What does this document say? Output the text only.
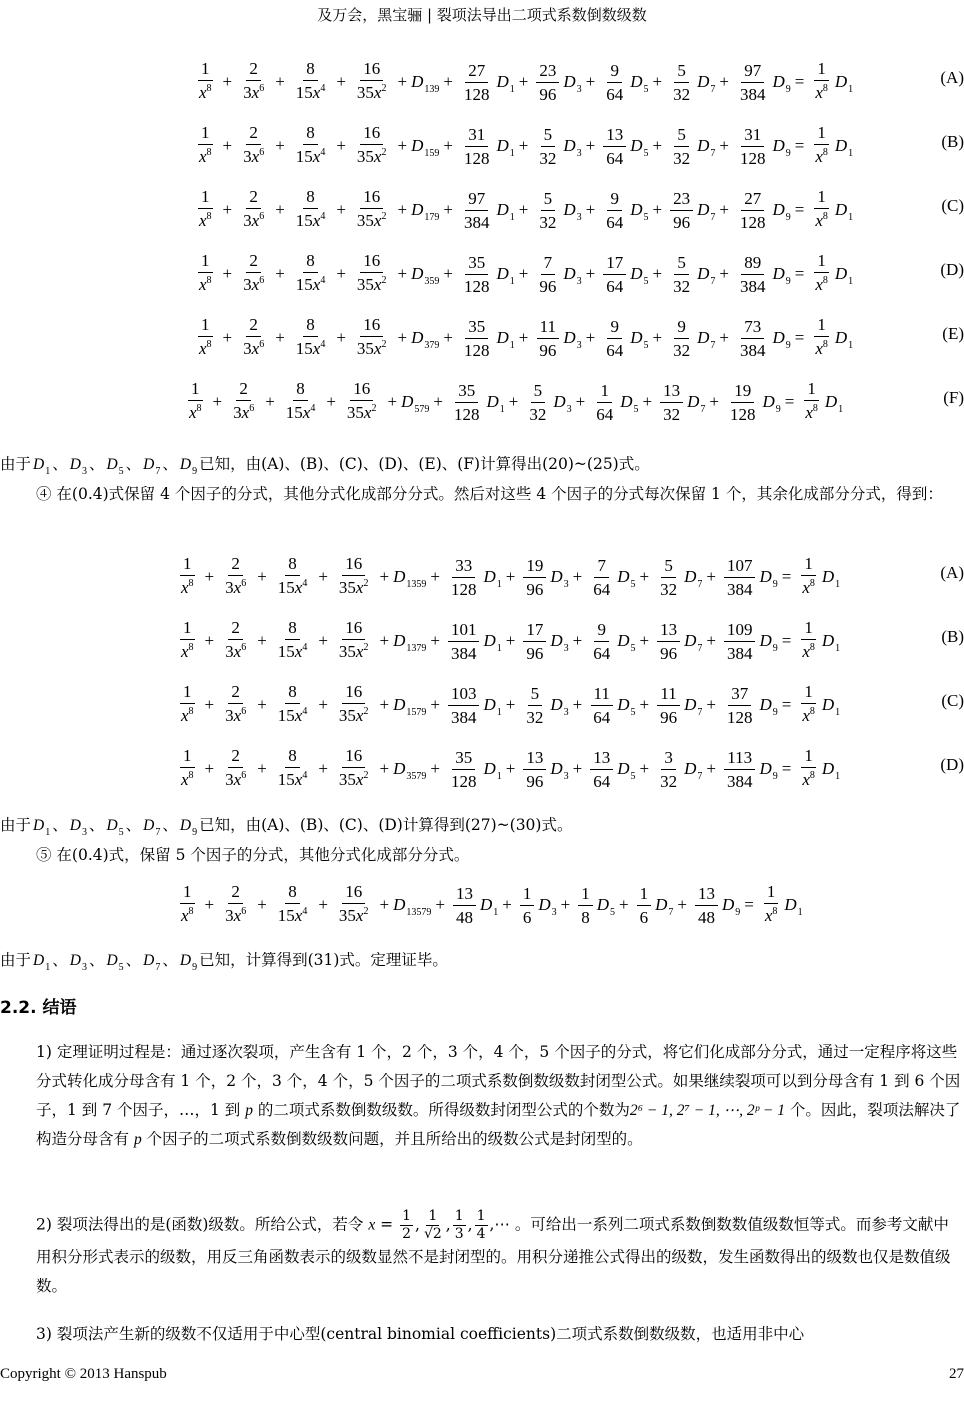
及万会，黑宝骊 | 裂项法导出二项式系数倒数级数
$\frac{1}{x^8} + \frac{2}{3x^6} + \frac{8}{15x^4} + \frac{16}{35x^2} + D$ $139 + \frac{27}{128}$ D $1 + \frac{23}{96}$ D $3 + \frac{9}{64}$ D $5 + \frac{5}{32}$ D $7 + \frac{97}{384}$ D $9 = \frac{1}{x^8}$ D 1
(A)
$\frac{1}{x^8} + \frac{2}{3x^6} + \frac{8}{15x^4} + \frac{16}{35x^2} + D$ $159 + \frac{31}{128}$ D $1 + \frac{5}{32}$ D $3 + \frac{13}{64}$ D $5 + \frac{5}{32}$ D $7 + \frac{31}{128}$ D $9 = \frac{1}{x^8}$ D 1
(B)
$\frac{1}{x^8} + \frac{2}{3x^6} + \frac{8}{15x^4} + \frac{16}{35x^2} + D$ $179 + \frac{97}{384}$ D $1 + \frac{5}{32}$ D $3 + \frac{9}{64}$ D $5 + \frac{23}{96}$ D $7 + \frac{27}{128}$ D $9 = \frac{1}{x^8}$ D 1
(C)
$\frac{1}{x^8} + \frac{2}{3x^6} + \frac{8}{15x^4} + \frac{16}{35x^2} + D$ $359 + \frac{35}{128}$ D $1 + \frac{7}{96}$ D $3 + \frac{17}{64}$ D $5 + \frac{5}{32}$ D $7 + \frac{89}{384}$ D $9 = \frac{1}{x^8}$ D 1
(D)
$\frac{1}{x^8} + \frac{2}{3x^6} + \frac{8}{15x^4} + \frac{16}{35x^2} + D$ $379 + \frac{35}{128}$ D $1 + \frac{11}{96}$ D $3 + \frac{9}{64}$ D $5 + \frac{9}{32}$ D $7 + \frac{73}{384}$ D $9 = \frac{1}{x^8}$ D 1
(E)
$\frac{1}{x^8} + \frac{2}{3x^6} + \frac{8}{15x^4} + \frac{16}{35x^2} + D$ $579 + \frac{35}{128}$ D $1 + \frac{5}{32}$ D $3 + \frac{1}{64}$ D $5 + \frac{13}{32}$ D $7 + \frac{19}{128}$ D $9 = \frac{1}{x^8}$ D 1
(F)
由于 D 1 、 D 3 、 D 5 、 D 7 、 D 9 已知，由(A)、(B)、(C)、(D)、(E)、(F)计算得出(20)~(25)式。
④ 在(0.4)式保留 4 个因子的分式，其他分式化成部分分式。然后对这些 4 个因子的分式每次保留 1 个，其余化成部分分式，得到：
$\frac{1}{x^8} + \frac{2}{3x^6} + \frac{8}{15x^4} + \frac{16}{35x^2} + D$ $1359 + \frac{33}{128}$ D $1 + \frac{19}{96}$ D $3 + \frac{7}{64}$ D $5 + \frac{5}{32}$ D $7 + \frac{107}{384}$ D $9 = \frac{1}{x^8}$ D 1
(A)
$\frac{1}{x^8} + \frac{2}{3x^6} + \frac{8}{15x^4} + \frac{16}{35x^2} + D$ $1379 + \frac{101}{384}$ D $1 + \frac{17}{96}$ D $3 + \frac{9}{64}$ D $5 + \frac{13}{96}$ D $7 + \frac{109}{384}$ D $9 = \frac{1}{x^8}$ D 1
(B)
$\frac{1}{x^8} + \frac{2}{3x^6} + \frac{8}{15x^4} + \frac{16}{35x^2} + D$ $1579 + \frac{103}{384}$ D $1 + \frac{5}{32}$ D $3 + \frac{11}{64}$ D $5 + \frac{11}{96}$ D $7 + \frac{37}{128}$ D $9 = \frac{1}{x^8}$ D 1
(C)
$\frac{1}{x^8} + \frac{2}{3x^6} + \frac{8}{15x^4} + \frac{16}{35x^2} + D$ $3579 + \frac{35}{128}$ D $1 + \frac{13}{96}$ D $3 + \frac{13}{64}$ D $5 + \frac{3}{32}$ D $7 + \frac{113}{384}$ D $9 = \frac{1}{x^8}$ D 1
(D)
由于 D 1 、 D 3 、 D 5 、 D 7 、 D 9 已知，由(A)、(B)、(C)、(D)计算得到(27)~(30)式。
⑤ 在(0.4)式，保留 5 个因子的分式，其他分式化成部分分式。
$\frac{1}{x^8} + \frac{2}{3x^6} + \frac{8}{15x^4} + \frac{16}{35x^2} + D$ $13579 + \frac{13}{48}$ D $1 + \frac{1}{6}$ D $3 + \frac{1}{8}$ D $5 + \frac{1}{6}$ D $7 + \frac{13}{48}$ D $9 = \frac{1}{x^8}$ D 1
由于 D 1 、 D 3 、 D 5 、 D 7 、 D 9 已知，计算得到(31)式。定理证毕。
2.2. 结语
1) 定理证明过程是：通过逐次裂项，产生含有 1 个，2 个，3 个，4 个，5 个因子的分式，将它们化成部分分式，通过一定程序将这些分式转化成分母含有 1 个，2 个，3 个，4 个，5 个因子的二项式系数倒数级数封闭型公式。如果继续裂项可以到分母含有 1 到 6 个因子，1 到 7 个因子，…，1 到 p 的二项式系数倒数级数。所得级数封闭型公式的个数为2⁶ − 1, 2⁷ − 1, ⋯, 2ᵖ − 1 个。因此，裂项法解决了构造分母含有 p 个因子的二项式系数倒数级数问题，并且所给出的级数公式是封闭型的。
2) 裂项法得出的是(函数)级数。所给公式，若令 $x = \frac{1}{2}$ , $\frac{1}{√2}$ , $\frac{1}{3}$ , $\frac{1}{4}$ ,⋯ 。可给出一系列二项式系数倒数数值级数恒等式。而参考文献中用积分形式表示的级数，用反三角函数表示的级数显然不是封闭型的。用积分递推公式得出的级数，发生函数得出的级数也仅是数值级数。
3) 裂项法产生新的级数不仅适用于中心型(central binomial coefficients)二项式系数倒数级数，也适用非中心
Copyright © 2013 Hanspub	27
